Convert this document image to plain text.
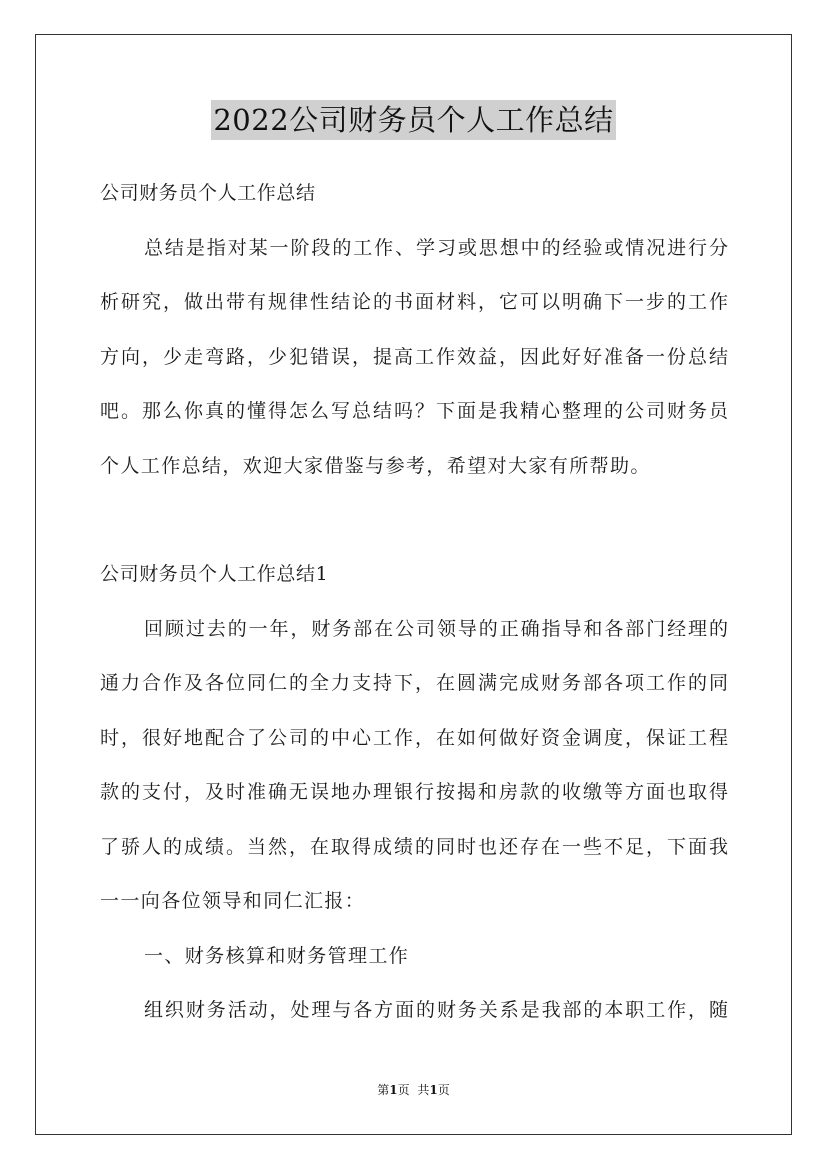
2022公司财务员个人工作总结
公司财务员个人工作总结
总结是指对某一阶段的工作、学习或思想中的经验或情况进行分
析研究，做出带有规律性结论的书面材料，它可以明确下一步的工作
方向，少走弯路，少犯错误，提高工作效益，因此好好准备一份总结
吧。那么你真的懂得怎么写总结吗？下面是我精心整理的公司财务员
个人工作总结，欢迎大家借鉴与参考，希望对大家有所帮助。
公司财务员个人工作总结1
回顾过去的一年，财务部在公司领导的正确指导和各部门经理的
通力合作及各位同仁的全力支持下，在圆满完成财务部各项工作的同
时，很好地配合了公司的中心工作，在如何做好资金调度，保证工程
款的支付，及时准确无误地办理银行按揭和房款的收缴等方面也取得
了骄人的成绩。当然，在取得成绩的同时也还存在一些不足，下面我
一一向各位领导和同仁汇报：
一、财务核算和财务管理工作
组织财务活动，处理与各方面的财务关系是我部的本职工作，随
第1页 共1页
